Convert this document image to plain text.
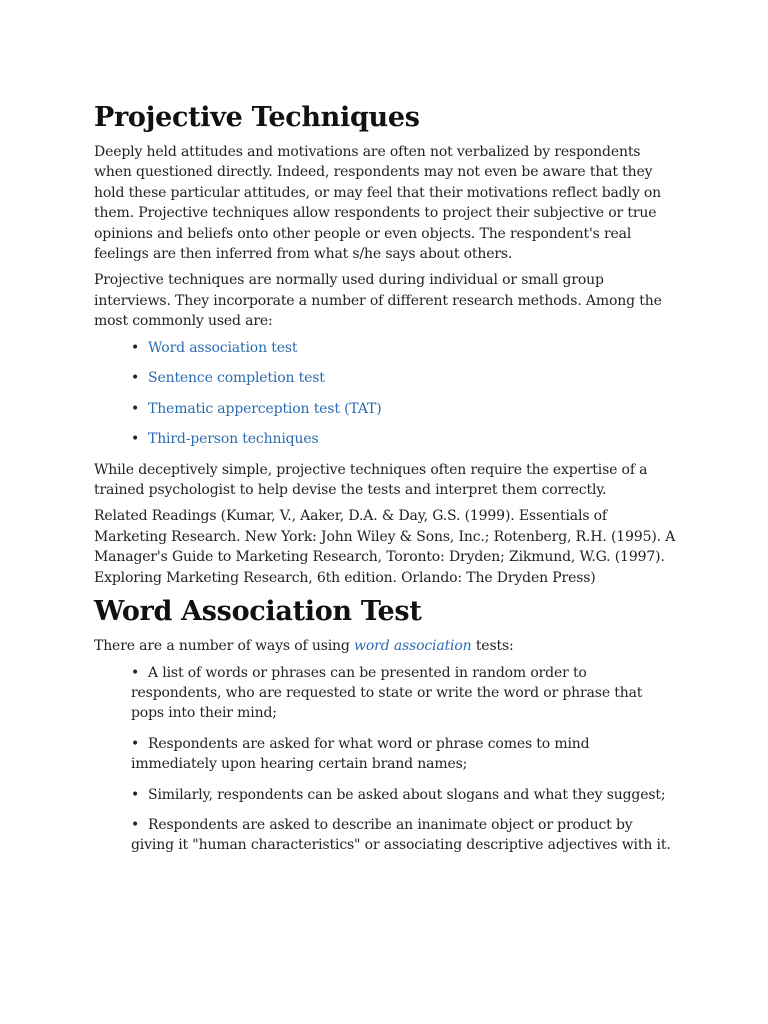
Projective Techniques

Deeply held attitudes and motivations are often not verbalized by respondents when questioned directly. Indeed, respondents may not even be aware that they hold these particular attitudes, or may feel that their motivations reflect badly on them. Projective techniques allow respondents to project their subjective or true opinions and beliefs onto other people or even objects. The respondent's real feelings are then inferred from what s/he says about others.

Projective techniques are normally used during individual or small group interviews. They incorporate a number of different research methods. Among the most commonly used are:

• Word association test
• Sentence completion test
• Thematic apperception test (TAT)
• Third-person techniques

While deceptively simple, projective techniques often require the expertise of a trained psychologist to help devise the tests and interpret them correctly.

Related Readings (Kumar, V., Aaker, D.A. & Day, G.S. (1999). Essentials of Marketing Research. New York: John Wiley & Sons, Inc.; Rotenberg, R.H. (1995). A Manager's Guide to Marketing Research, Toronto: Dryden; Zikmund, W.G. (1997). Exploring Marketing Research, 6th edition. Orlando: The Dryden Press)

Word Association Test

There are a number of ways of using word association tests:

• A list of words or phrases can be presented in random order to respondents, who are requested to state or write the word or phrase that pops into their mind;
• Respondents are asked for what word or phrase comes to mind immediately upon hearing certain brand names;
• Similarly, respondents can be asked about slogans and what they suggest;
• Respondents are asked to describe an inanimate object or product by giving it "human characteristics" or associating descriptive adjectives with it.
